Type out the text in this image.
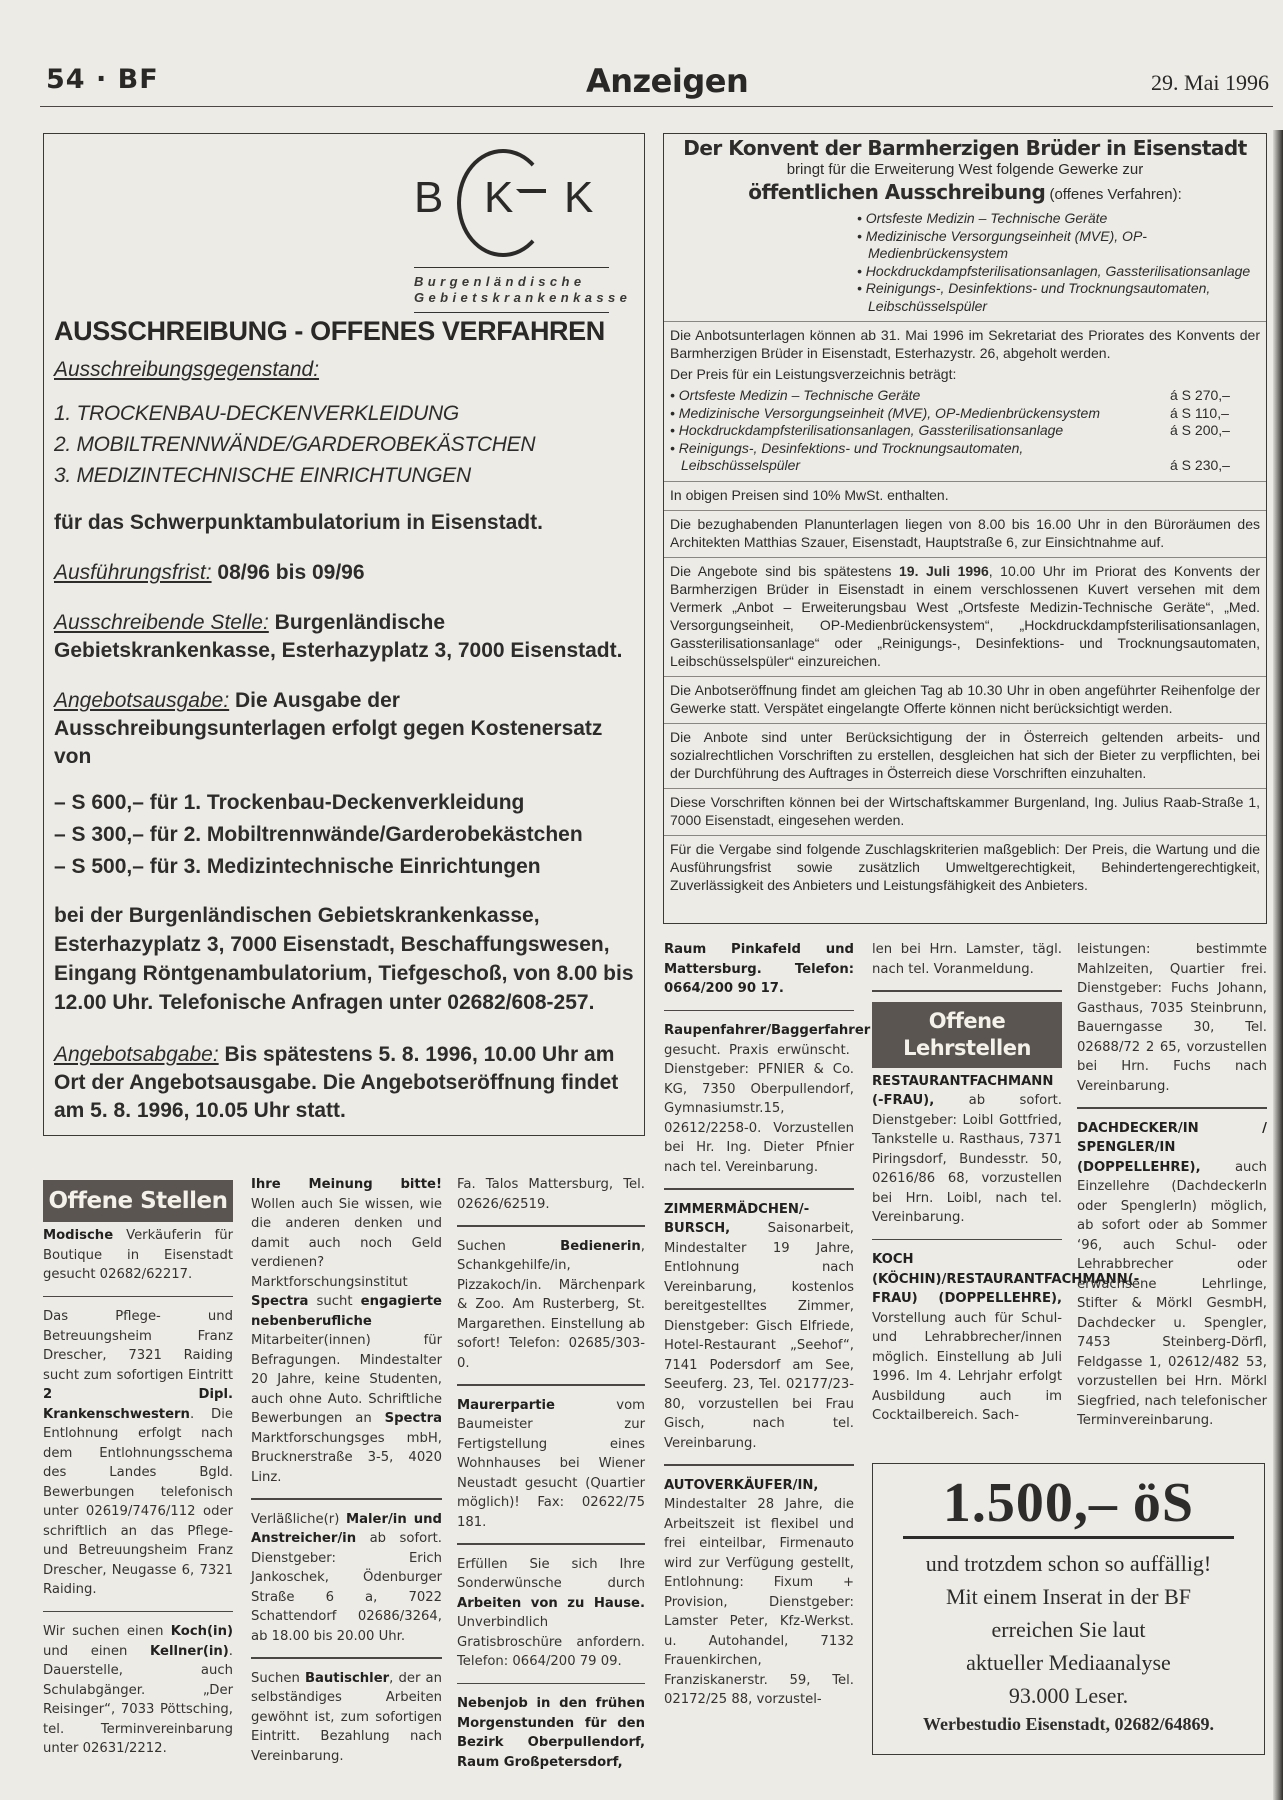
54 · BF	Anzeigen	29. Mai 1996
B K K
Burgenländische
Gebietskrankenkasse
AUSSCHREIBUNG - OFFENES VERFAHREN
Ausschreibungsgegenstand:
1. TROCKENBAU-DECKENVERKLEIDUNG
2. MOBILTRENNWÄNDE/GARDEROBEKÄSTCHEN
3. MEDIZINTECHNISCHE EINRICHTUNGEN
für das Schwerpunktambulatorium in Eisenstadt.
Ausführungsfrist: 08/96 bis 09/96
Ausschreibende Stelle: Burgenländische Gebietskrankenkasse, Esterhazyplatz 3, 7000 Eisenstadt.
Angebotsausgabe: Die Ausgabe der Ausschreibungsunterlagen erfolgt gegen Kostenersatz von
– S 600,– für 1. Trockenbau-Deckenverkleidung
– S 300,– für 2. Mobiltrennwände/Garderobekästchen
– S 500,– für 3. Medizintechnische Einrichtungen
bei der Burgenländischen Gebietskrankenkasse, Esterhazyplatz 3, 7000 Eisenstadt, Beschaffungswesen, Eingang Röntgenambulatorium, Tiefgeschoß, von 8.00 bis 12.00 Uhr. Telefonische Anfragen unter 02682/608-257.
Angebotsabgabe: Bis spätestens 5. 8. 1996, 10.00 Uhr am Ort der Angebotsausgabe. Die Angebotseröffnung findet am 5. 8. 1996, 10.05 Uhr statt.
Der Konvent der Barmherzigen Brüder in Eisenstadt
bringt für die Erweiterung West folgende Gewerke zur
öffentlichen Ausschreibung (offenes Verfahren):
• Ortsfeste Medizin – Technische Geräte
• Medizinische Versorgungseinheit (MVE), OP-Medienbrückensystem
• Hockdruckdampfsterilisationsanlagen, Gassterilisationsanlage
• Reinigungs-, Desinfektions- und Trocknungsautomaten, Leibschüsselspüler
Die Anbotsunterlagen können ab 31. Mai 1996 im Sekretariat des Priorates des Konvents der Barmherzigen Brüder in Eisenstadt, Esterhazystr. 26, abgeholt werden.
Der Preis für ein Leistungsverzeichnis beträgt:
• Ortsfeste Medizin – Technische Geräte	á S 270,–
• Medizinische Versorgungseinheit (MVE), OP-Medienbrückensystem	á S 110,–
• Hockdruckdampfsterilisationsanlagen, Gassterilisationsanlage	á S 200,–
• Reinigungs-, Desinfektions- und Trocknungsautomaten, Leibschüsselspüler	á S 230,–
In obigen Preisen sind 10% MwSt. enthalten.
Die bezughabenden Planunterlagen liegen von 8.00 bis 16.00 Uhr in den Büroräumen des Architekten Matthias Szauer, Eisenstadt, Hauptstraße 6, zur Einsichtnahme auf.
Die Angebote sind bis spätestens 19. Juli 1996, 10.00 Uhr im Priorat des Konvents der Barmherzigen Brüder in Eisenstadt in einem verschlossenen Kuvert versehen mit dem Vermerk „Anbot – Erweiterungsbau West „Ortsfeste Medizin-Technische Geräte“, „Med. Versorgungseinheit, OP-Medienbrückensystem“, „Hockdruckdampfsterilisationsanlagen, Gassterilisationsanlage“ oder „Reinigungs-, Desinfektions- und Trocknungsautomaten, Leibschüsselspüler“ einzureichen.
Die Anbotseröffnung findet am gleichen Tag ab 10.30 Uhr in oben angeführter Reihenfolge der Gewerke statt. Verspätet eingelangte Offerte können nicht berücksichtigt werden.
Die Anbote sind unter Berücksichtigung der in Österreich geltenden arbeits- und sozialrechtlichen Vorschriften zu erstellen, desgleichen hat sich der Bieter zu verpflichten, bei der Durchführung des Auftrages in Österreich diese Vorschriften einzuhalten.
Diese Vorschriften können bei der Wirtschaftskammer Burgenland, Ing. Julius Raab-Straße 1, 7000 Eisenstadt, eingesehen werden.
Für die Vergabe sind folgende Zuschlagskriterien maßgeblich: Der Preis, die Wartung und die Ausführungsfrist sowie zusätzlich Umweltgerechtigkeit, Behindertengerechtigkeit, Zuverlässigkeit des Anbieters und Leistungsfähigkeit des Anbieters.
Offene Stellen
Modische Verkäuferin für Boutique in Eisenstadt gesucht 02682/62217.
Das Pflege- und Betreuungsheim Franz Drescher, 7321 Raiding sucht zum sofortigen Eintritt 2 Dipl. Krankenschwestern. Die Entlohnung erfolgt nach dem Entlohnungsschema des Landes Bgld. Bewerbungen telefonisch unter 02619/7476/112 oder schriftlich an das Pflege- und Betreuungsheim Franz Drescher, Neugasse 6, 7321 Raiding.
Wir suchen einen Koch(in) und einen Kellner(in). Dauerstelle, auch Schulabgänger. „Der Reisinger“, 7033 Pöttsching, tel. Terminvereinbarung unter 02631/2212.
Ihre Meinung bitte! Wollen auch Sie wissen, wie die anderen denken und damit auch noch Geld verdienen? Marktforschungsinstitut Spectra sucht engagierte nebenberufliche Mitarbeiter(innen) für Befragungen. Mindestalter 20 Jahre, keine Studenten, auch ohne Auto. Schriftliche Bewerbungen an Spectra Marktforschungsges mbH, Brucknerstraße 3-5, 4020 Linz.
Verläßliche(r) Maler/in und Anstreicher/in ab sofort. Dienstgeber: Erich Jankoschek, Ödenburger Straße 6 a, 7022 Schattendorf 02686/3264, ab 18.00 bis 20.00 Uhr.
Suchen Bautischler, der an selbständiges Arbeiten gewöhnt ist, zum sofortigen Eintritt. Bezahlung nach Vereinbarung.
Fa. Talos Mattersburg, Tel. 02626/62519.
Suchen Bedienerin, Schankgehilfe/in, Pizzakoch/in. Märchenpark & Zoo. Am Rusterberg, St. Margarethen. Einstellung ab sofort! Telefon: 02685/303-0.
Maurerpartie vom Baumeister zur Fertigstellung eines Wohnhauses bei Wiener Neustadt gesucht (Quartier möglich)! Fax: 02622/75 181.
Erfüllen Sie sich Ihre Sonderwünsche durch Arbeiten von zu Hause. Unverbindlich Gratisbroschüre anfordern. Telefon: 0664/200 79 09.
Nebenjob in den frühen Morgenstunden für den Bezirk Oberpullendorf, Raum Großpetersdorf,
Raum Pinkafeld und Mattersburg. Telefon: 0664/200 90 17.
Raupenfahrer/Baggerfahrer gesucht. Praxis erwünscht. Dienstgeber: PFNIER & Co. KG, 7350 Oberpullendorf, Gymnasiumstr.15, 02612/2258-0. Vorzustellen bei Hr. Ing. Dieter Pfnier nach tel. Vereinbarung.
ZIMMERMÄDCHEN/-BURSCH, Saisonarbeit, Mindestalter 19 Jahre, Entlohnung nach Vereinbarung, kostenlos bereitgestelltes Zimmer, Dienstgeber: Gisch Elfriede, Hotel-Restaurant „Seehof“, 7141 Podersdorf am See, Seeuferg. 23, Tel. 02177/23-80, vorzustellen bei Frau Gisch, nach tel. Vereinbarung.
AUTOVERKÄUFER/IN, Mindestalter 28 Jahre, die Arbeitszeit ist flexibel und frei einteilbar, Firmenauto wird zur Verfügung gestellt, Entlohnung: Fixum + Provision, Dienstgeber: Lamster Peter, Kfz-Werkst. u. Autohandel, 7132 Frauenkirchen, Franziskanerstr. 59, Tel. 02172/25 88, vorzustel-
len bei Hrn. Lamster, tägl. nach tel. Voranmeldung.
Offene Lehrstellen
RESTAURANTFACHMANN (-FRAU), ab sofort. Dienstgeber: Loibl Gottfried, Tankstelle u. Rasthaus, 7371 Piringsdorf, Bundesstr. 50, 02616/86 68, vorzustellen bei Hrn. Loibl, nach tel. Vereinbarung.
KOCH (KÖCHIN)/RESTAURANTFACHMANN(-FRAU) (DOPPELLEHRE), Vorstellung auch für Schul- und Lehrabbrecher/innen möglich. Einstellung ab Juli 1996. Im 4. Lehrjahr erfolgt Ausbildung auch im Cocktailbereich. Sach-
leistungen: bestimmte Mahlzeiten, Quartier frei. Dienstgeber: Fuchs Johann, Gasthaus, 7035 Steinbrunn, Bauerngasse 30, Tel. 02688/72 2 65, vorzustellen bei Hrn. Fuchs nach Vereinbarung.
DACHDECKER/IN / SPENGLER/IN (DOPPELLEHRE), auch Einzellehre (DachdeckerIn oder SpenglerIn) möglich, ab sofort oder ab Sommer ‘96, auch Schul- oder Lehrabbrecher oder erwachsene Lehrlinge, Stifter & Mörkl GesmbH, Dachdecker u. Spengler, 7453 Steinberg-Dörfl, Feldgasse 1, 02612/482 53, vorzustellen bei Hrn. Mörkl Siegfried, nach telefonischer Terminvereinbarung.
1.500,– öS
und trotzdem schon so auffällig!
Mit einem Inserat in der BF
erreichen Sie laut
aktueller Mediaanalyse
93.000 Leser.
Werbestudio Eisenstadt, 02682/64869.
